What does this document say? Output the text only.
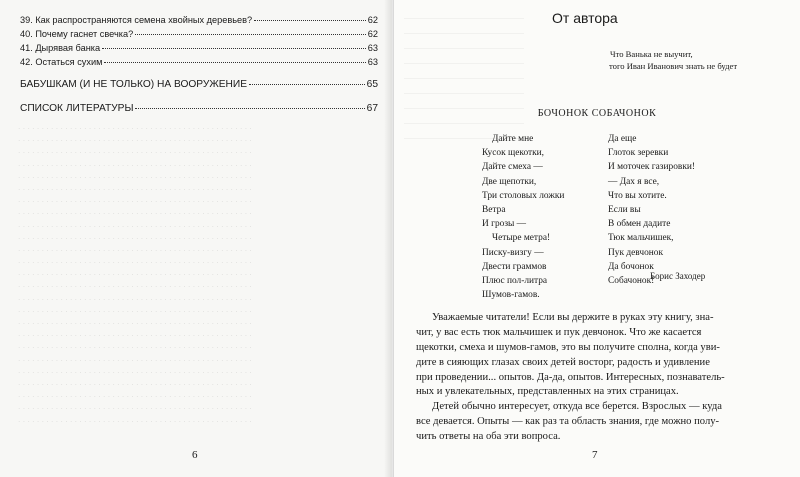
. . . . . . . . . . . . . . . . . . . . . . . . . . . . . . . . . . . . . . . . . . . . . . . . . .
. . . . . . . . . . . . . . . . . . . . . . . . . . . . . . . . . . . . . . . . . . . . . . . . . .
. . . . . . . . . . . . . . . . . . . . . . . . . . . . . . . . . . . . . . . . . . . . . . . . . .
. . . . . . . . . . . . . . . . . . . . . . . . . . . . . . . . . . . . . . . . . . . . . . . . . .
. . . . . . . . . . . . . . . . . . . . . . . . . . . . . . . . . . . . . . . . . . . . . . . . . .
. . . . . . . . . . . . . . . . . . . . . . . . . . . . . . . . . . . . . . . . . . . . . . . . . .
. . . . . . . . . . . . . . . . . . . . . . . . . . . . . . . . . . . . . . . . . . . . . . . . . .
. . . . . . . . . . . . . . . . . . . . . . . . . . . . . . . . . . . . . . . . . . . . . . . . . .
. . . . . . . . . . . . . . . . . . . . . . . . . . . . . . . . . . . . . . . . . . . . . . . . . .
. . . . . . . . . . . . . . . . . . . . . . . . . . . . . . . . . . . . . . . . . . . . . . . . . .
. . . . . . . . . . . . . . . . . . . . . . . . . . . . . . . . . . . . . . . . . . . . . . . . . .
. . . . . . . . . . . . . . . . . . . . . . . . . . . . . . . . . . . . . . . . . . . . . . . . . .
. . . . . . . . . . . . . . . . . . . . . . . . . . . . . . . . . . . . . . . . . . . . . . . . . .
. . . . . . . . . . . . . . . . . . . . . . . . . . . . . . . . . . . . . . . . . . . . . . . . . .
. . . . . . . . . . . . . . . . . . . . . . . . . . . . . . . . . . . . . . . . . . . . . . . . . .
. . . . . . . . . . . . . . . . . . . . . . . . . . . . . . . . . . . . . . . . . . . . . . . . . .
. . . . . . . . . . . . . . . . . . . . . . . . . . . . . . . . . . . . . . . . . . . . . . . . . .
. . . . . . . . . . . . . . . . . . . . . . . . . . . . . . . . . . . . . . . . . . . . . . . . . .
. . . . . . . . . . . . . . . . . . . . . . . . . . . . . . . . . . . . . . . . . . . . . . . . . .
. . . . . . . . . . . . . . . . . . . . . . . . . . . . . . . . . . . . . . . . . . . . . . . . . .
. . . . . . . . . . . . . . . . . . . . . . . . . . . . . . . . . . . . . . . . . . . . . . . . . .
. . . . . . . . . . . . . . . . . . . . . . . . . . . . . . . . . . . . . . . . . . . . . . . . . .
. . . . . . . . . . . . . . . . . . . . . . . . . . . . . . . . . . . . . . . . . . . . . . . . . .
. . . . . . . . . . . . . . . . . . . . . . . . . . . . . . . . . . . . . . . . . . . . . . . . . .
. . . . . . . . . . . . . . . . . . . . . . . . . . . . . . . . . . . . . . . . . . . . . . . . . .
39. Как распространяются семена хвойных деревьев?	62
40. Почему гаснет свечка?	62
41. Дырявая банка	63
42. Остаться сухим	63
БАБУШКАМ (И НЕ ТОЛЬКО) НА ВООРУЖЕНИЕ	65
СПИСОК ЛИТЕРАТУРЫ	67
6
От автора
Что Ванька не выучит,
того Иван Иванович знать не будет
БОЧОНОК СОБАЧОНОК
Дайте мне
Кусок щекотки,
Дайте смеха —
Две щепотки,
Три столовых ложки
Ветра
И грозы —
Четыре метра!
Писку-визгу —
Двести граммов
Плюс пол-литра
Шумов-гамов.
Да еще
Глоток зеревки
И моточек газировки!
— Дах я все,
Что вы хотите.
Если вы
В обмен дадите
Тюк мальчишек,
Пук девчонок
Да бочонок
Собачонок!
Борис Заходер
Уважаемые читатели! Если вы держите в руках эту книгу, зна-
чит, у вас есть тюк мальчишек и пук девчонок. Что же касается
щекотки, смеха и шумов-гамов, это вы получите сполна, когда уви-
дите в сияющих глазах своих детей восторг, радость и удивление
при проведении... опытов. Да-да, опытов. Интересных, познаватель-
ных и увлекательных, представленных на этих страницах.
Детей обычно интересует, откуда все берется. Взрослых — куда
все девается. Опыты — как раз та область знания, где можно полу-
чить ответы на оба эти вопроса.
7
